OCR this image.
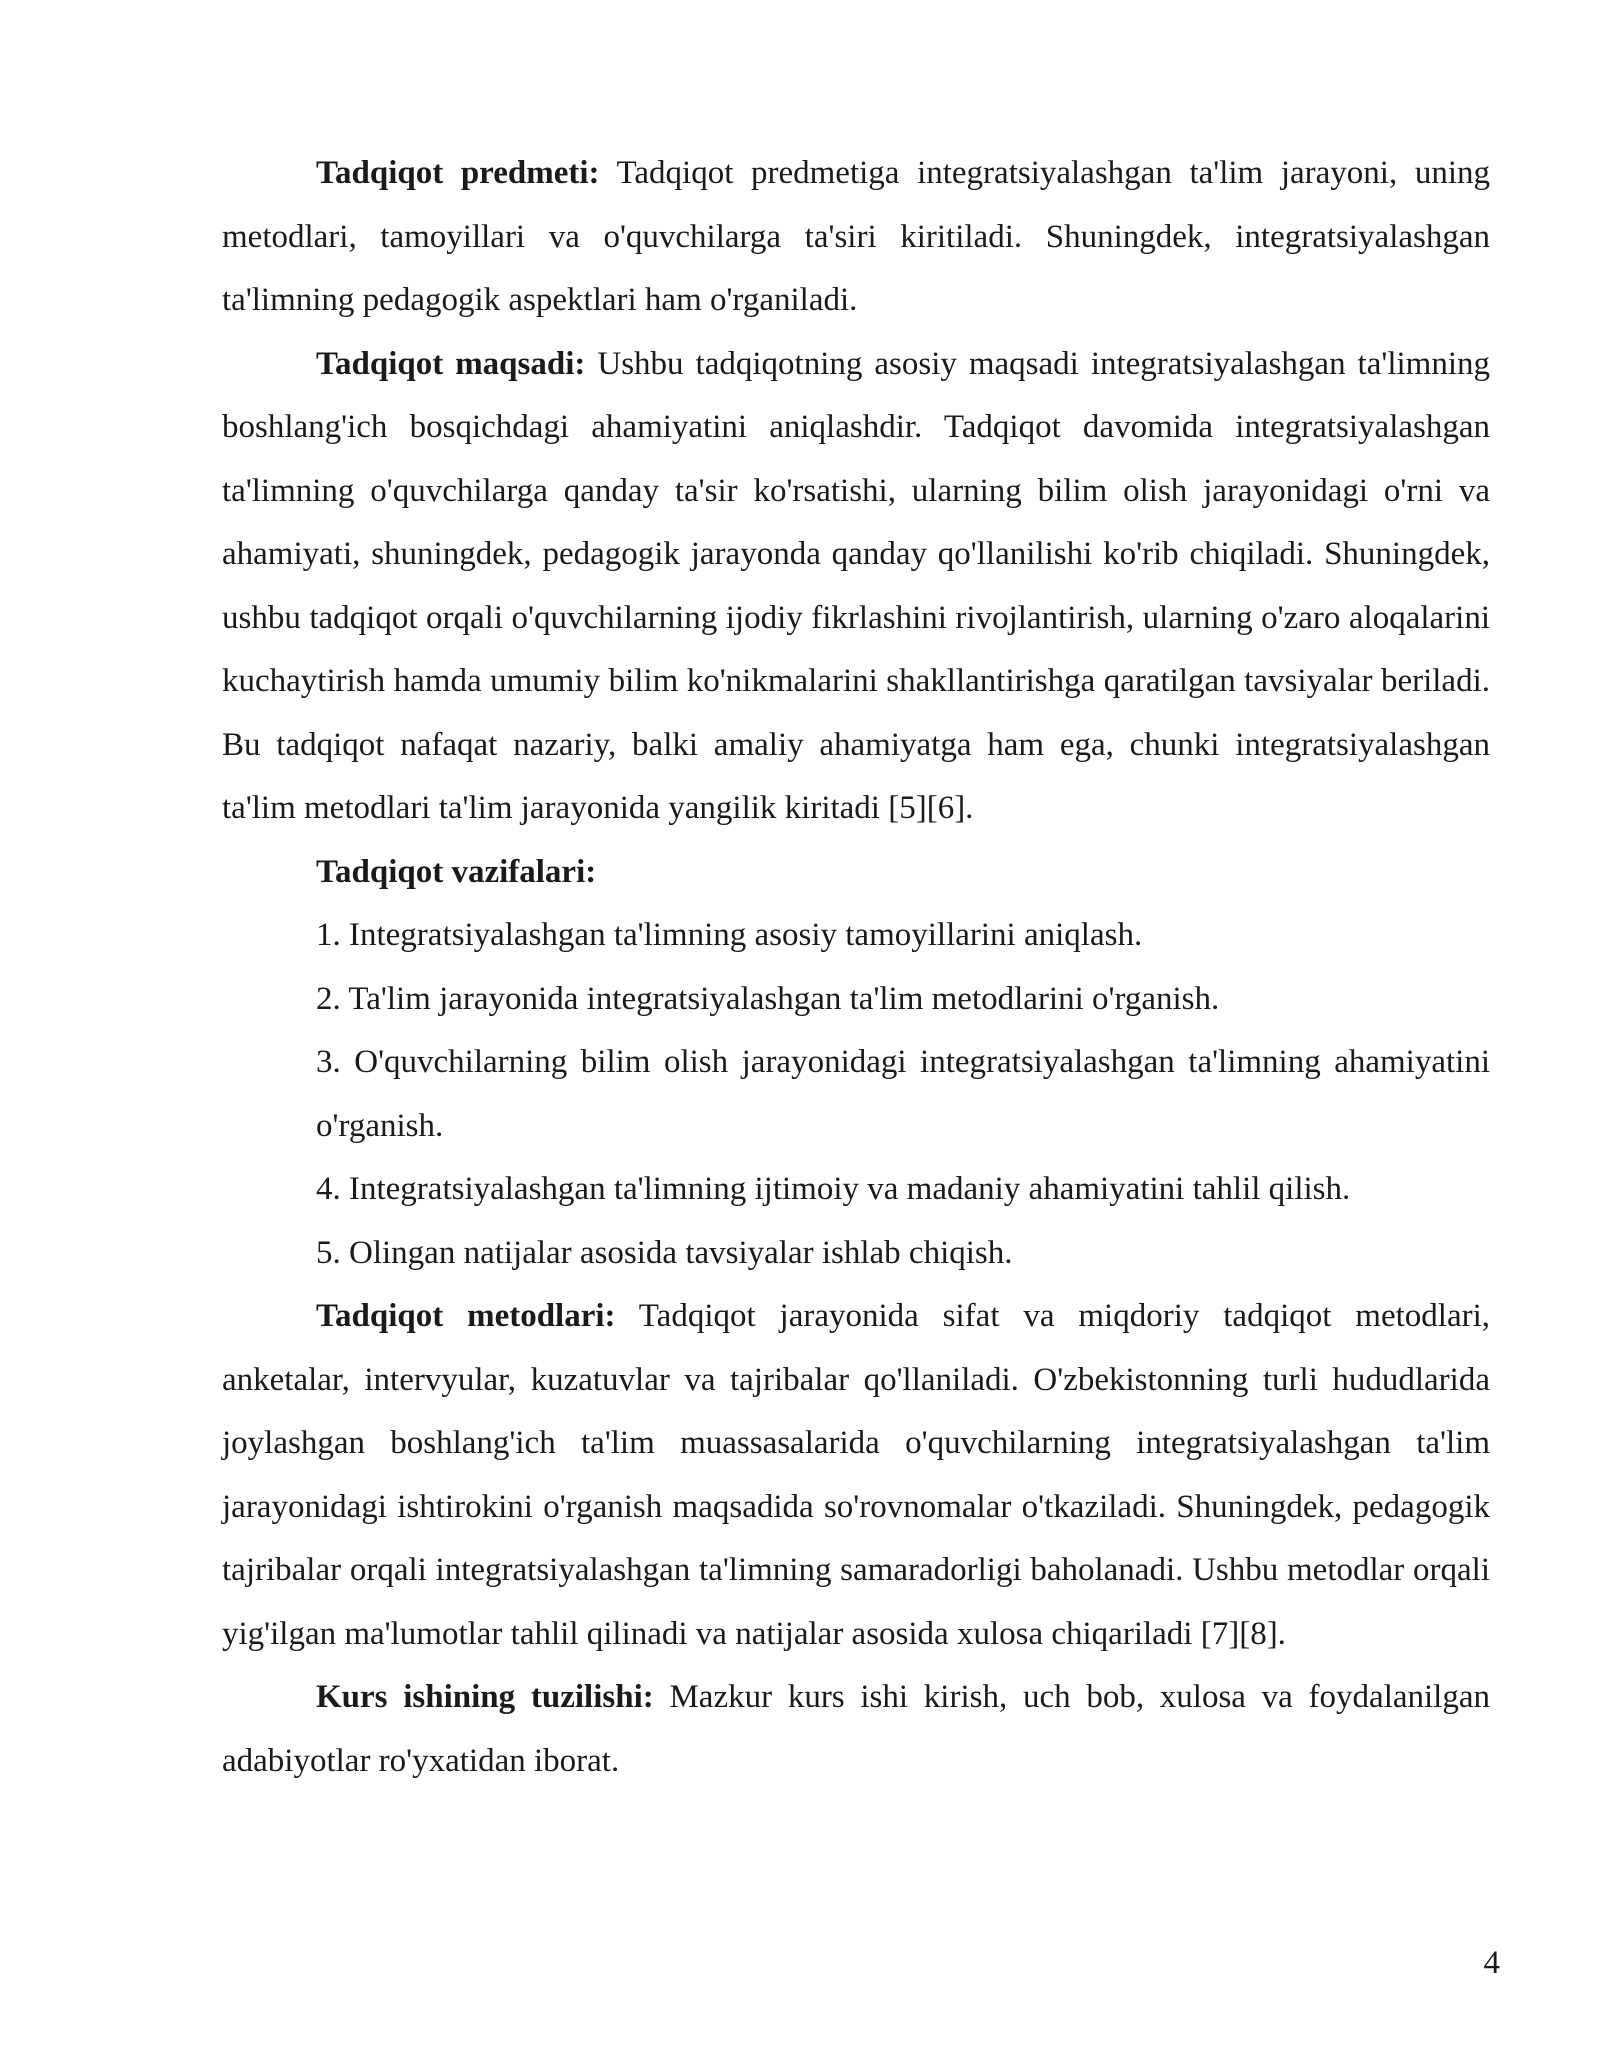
Tadqiqot predmeti: Tadqiqot predmetiga integratsiyalashgan ta'lim jarayoni, uning metodlari, tamoyillari va o'quvchilarga ta'siri kiritiladi. Shuningdek, integratsiyalashgan ta'limning pedagogik aspektlari ham o'rganiladi.

Tadqiqot maqsadi: Ushbu tadqiqotning asosiy maqsadi integratsiyalashgan ta'limning boshlang'ich bosqichdagi ahamiyatini aniqlashdir. Tadqiqot davomida integratsiyalashgan ta'limning o'quvchilarga qanday ta'sir ko'rsatishi, ularning bilim olish jarayonidagi o'rni va ahamiyati, shuningdek, pedagogik jarayonda qanday qo'llanilishi ko'rib chiqiladi. Shuningdek, ushbu tadqiqot orqali o'quvchilarning ijodiy fikrlashini rivojlantirish, ularning o'zaro aloqalarini kuchaytirish hamda umumiy bilim ko'nikmalarini shakllantirishga qaratilgan tavsiyalar beriladi. Bu tadqiqot nafaqat nazariy, balki amaliy ahamiyatga ham ega, chunki integratsiyalashgan ta'lim metodlari ta'lim jarayonida yangilik kiritadi [5][6].

Tadqiqot vazifalari:

1. Integratsiyalashgan ta'limning asosiy tamoyillarini aniqlash.

2. Ta'lim jarayonida integratsiyalashgan ta'lim metodlarini o'rganish.

3. O'quvchilarning bilim olish jarayonidagi integratsiyalashgan ta'limning ahamiyatini o'rganish.

4. Integratsiyalashgan ta'limning ijtimoiy va madaniy ahamiyatini tahlil qilish.

5. Olingan natijalar asosida tavsiyalar ishlab chiqish.

Tadqiqot metodlari: Tadqiqot jarayonida sifat va miqdoriy tadqiqot metodlari, anketalar, intervyular, kuzatuvlar va tajribalar qo'llaniladi. O'zbekistonning turli hududlarida joylashgan boshlang'ich ta'lim muassasalarida o'quvchilarning integratsiyalashgan ta'lim jarayonidagi ishtirokini o'rganish maqsadida so'rovnomalar o'tkaziladi. Shuningdek, pedagogik tajribalar orqali integratsiyalashgan ta'limning samaradorligi baholanadi. Ushbu metodlar orqali yig'ilgan ma'lumotlar tahlil qilinadi va natijalar asosida xulosa chiqariladi [7][8].

Kurs ishining tuzilishi: Mazkur kurs ishi kirish, uch bob, xulosa va foydalanilgan adabiyotlar ro'yxatidan iborat.

4
